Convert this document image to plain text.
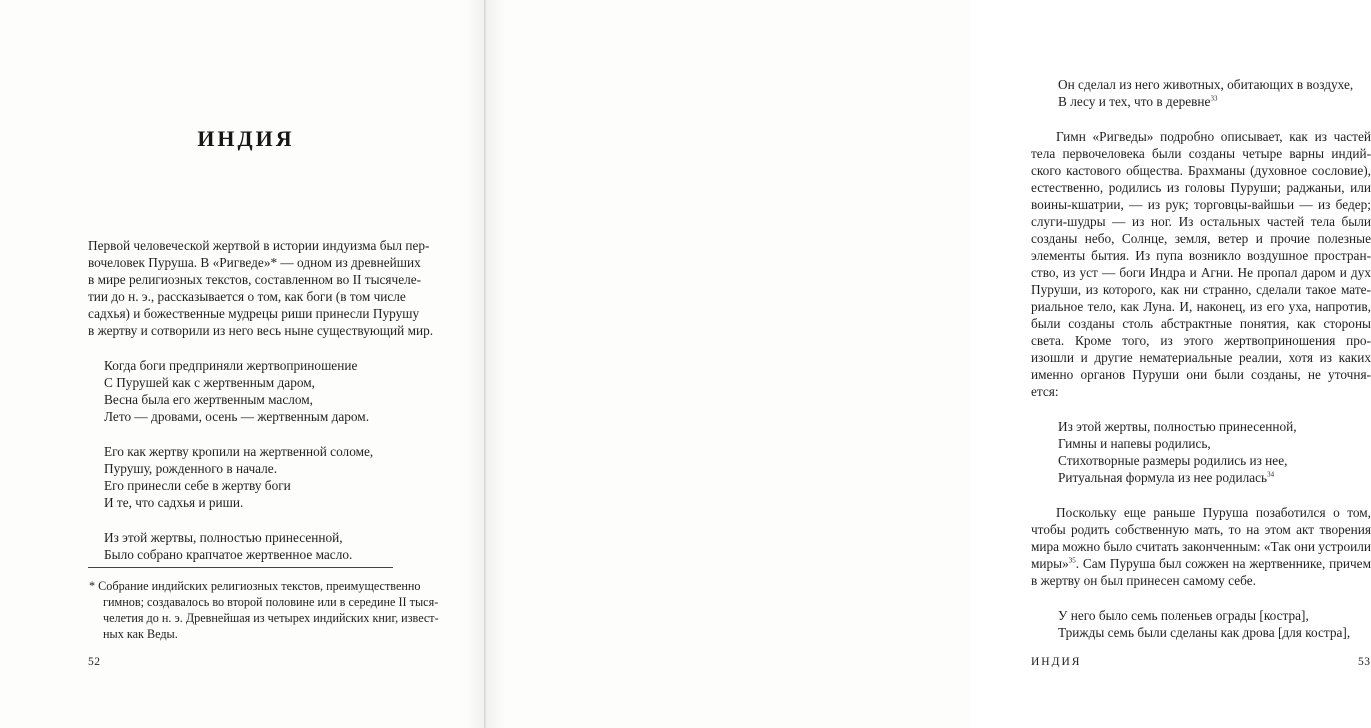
ИНДИЯ
Первой человеческой жертвой в истории индуизма был пер-
вочеловек Пуруша. В «Ригведе»* — одном из древнейших
в мире религиозных текстов, составленном во II тысячеле-
тии до н. э., рассказывается о том, как боги (в том числе
садхья) и божественные мудрецы риши принесли Пурушу
в жертву и сотворили из него весь ныне существующий мир.
Когда боги предприняли жертвоприношение
С Пурушей как с жертвенным даром,
Весна была его жертвенным маслом,
Лето — дровами, осень — жертвенным даром.
Его как жертву кропили на жертвенной соломе,
Пурушу, рожденного в начале.
Его принесли себе в жертву боги
И те, что садхья и риши.
Из этой жертвы, полностью принесенной,
Было собрано крапчатое жертвенное масло.
* Собрание индийских религиозных текстов, преимущественно
гимнов; создавалось во второй половине или в середине II тыся-
челетия до н. э. Древнейшая из четырех индийских книг, извест-
ных как Веды.
52
Он сделал из него животных, обитающих в воздухе,
В лесу и тех, что в деревне$^{33}$
Гимн «Ригведы» подробно описывает, как из частей
тела первочеловека были созданы четыре варны индий-
ского кастового общества. Брахманы (духовное сословие),
естественно, родились из головы Пуруши; раджаньи, или
воины-кшатрии, — из рук; торговцы-вайшьи — из бедер;
слуги-шудры — из ног. Из остальных частей тела были
созданы небо, Солнце, земля, ветер и прочие полезные
элементы бытия. Из пупа возникло воздушное простран-
ство, из уст — боги Индра и Агни. Не пропал даром и дух
Пуруши, из которого, как ни странно, сделали такое мате-
риальное тело, как Луна. И, наконец, из его уха, напротив,
были созданы столь абстрактные понятия, как стороны
света. Кроме того, из этого жертвоприношения про-
изошли и другие нематериальные реалии, хотя из каких
именно органов Пуруши они были созданы, не уточня-
ется:
Из этой жертвы, полностью принесенной,
Гимны и напевы родились,
Стихотворные размеры родились из нее,
Ритуальная формула из нее родилась$^{34}$
Поскольку еще раньше Пуруша позаботился о том,
чтобы родить собственную мать, то на этом акт творения
мира можно было считать законченным: «Так они устроили
миры»$^{35}$. Сам Пуруша был сожжен на жертвеннике, причем
в жертву он был принесен самому себе.
У него было семь поленьев ограды [костра],
Трижды семь были сделаны как дрова [для костра],
ИНДИЯ	53
